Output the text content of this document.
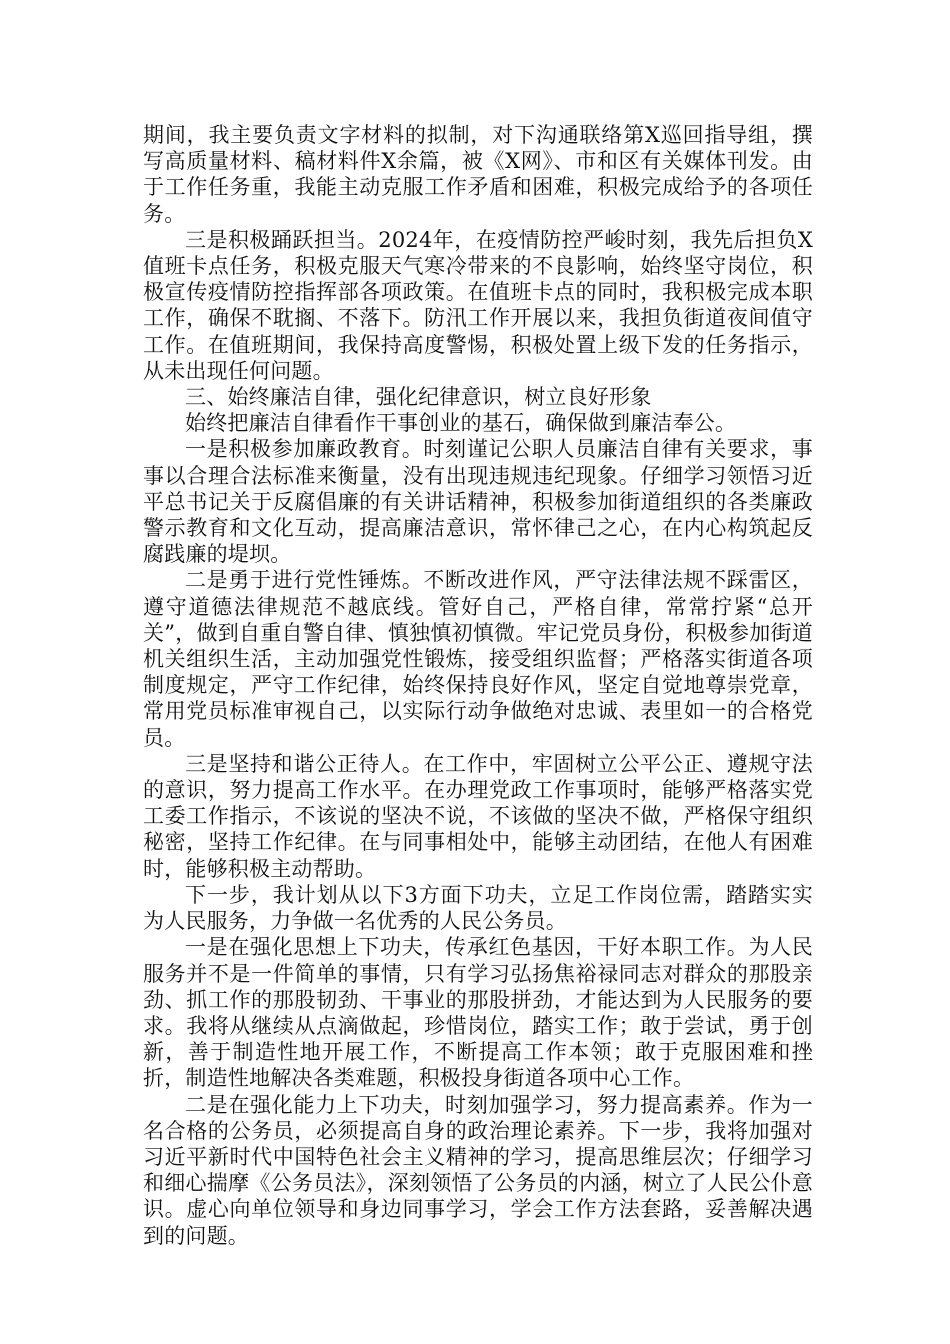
期间，我主要负责文字材料的拟制，对下沟通联络第X巡回指导组，撰写高质量材料、稿材料件X余篇，被《X网》、市和区有关媒体刊发。由于工作任务重，我能主动克服工作矛盾和困难，积极完成给予的各项任务。

三是积极踊跃担当。2024年，在疫情防控严峻时刻，我先后担负X值班卡点任务，积极克服天气寒冷带来的不良影响，始终坚守岗位，积极宣传疫情防控指挥部各项政策。在值班卡点的同时，我积极完成本职工作，确保不耽搁、不落下。防汛工作开展以来，我担负街道夜间值守工作。在值班期间，我保持高度警惕，积极处置上级下发的任务指示，从未出现任何问题。

三、始终廉洁自律，强化纪律意识，树立良好形象

始终把廉洁自律看作干事创业的基石，确保做到廉洁奉公。

一是积极参加廉政教育。时刻谨记公职人员廉洁自律有关要求，事事以合理合法标准来衡量，没有出现违规违纪现象。仔细学习领悟习近平总书记关于反腐倡廉的有关讲话精神，积极参加街道组织的各类廉政警示教育和文化互动，提高廉洁意识，常怀律己之心，在内心构筑起反腐践廉的堤坝。

二是勇于进行党性锤炼。不断改进作风，严守法律法规不踩雷区，遵守道德法律规范不越底线。管好自己，严格自律，常常拧紧“总开关”，做到自重自警自律、慎独慎初慎微。牢记党员身份，积极参加街道机关组织生活，主动加强党性锻炼，接受组织监督；严格落实街道各项制度规定，严守工作纪律，始终保持良好作风，坚定自觉地尊崇党章，常用党员标准审视自己，以实际行动争做绝对忠诚、表里如一的合格党员。

三是坚持和谐公正待人。在工作中，牢固树立公平公正、遵规守法的意识，努力提高工作水平。在办理党政工作事项时，能够严格落实党工委工作指示，不该说的坚决不说，不该做的坚决不做，严格保守组织秘密，坚持工作纪律。在与同事相处中，能够主动团结，在他人有困难时，能够积极主动帮助。

下一步，我计划从以下3方面下功夫，立足工作岗位需，踏踏实实为人民服务，力争做一名优秀的人民公务员。

一是在强化思想上下功夫，传承红色基因，干好本职工作。为人民服务并不是一件简单的事情，只有学习弘扬焦裕禄同志对群众的那股亲劲、抓工作的那股韧劲、干事业的那股拼劲，才能达到为人民服务的要求。我将从继续从点滴做起，珍惜岗位，踏实工作；敢于尝试，勇于创新，善于制造性地开展工作，不断提高工作本领；敢于克服困难和挫折，制造性地解决各类难题，积极投身街道各项中心工作。

二是在强化能力上下功夫，时刻加强学习，努力提高素养。作为一名合格的公务员，必须提高自身的政治理论素养。下一步，我将加强对习近平新时代中国特色社会主义精神的学习，提高思维层次；仔细学习和细心揣摩《公务员法》，深刻领悟了公务员的内涵，树立了人民公仆意识。虚心向单位领导和身边同事学习，学会工作方法套路，妥善解决遇到的问题。
